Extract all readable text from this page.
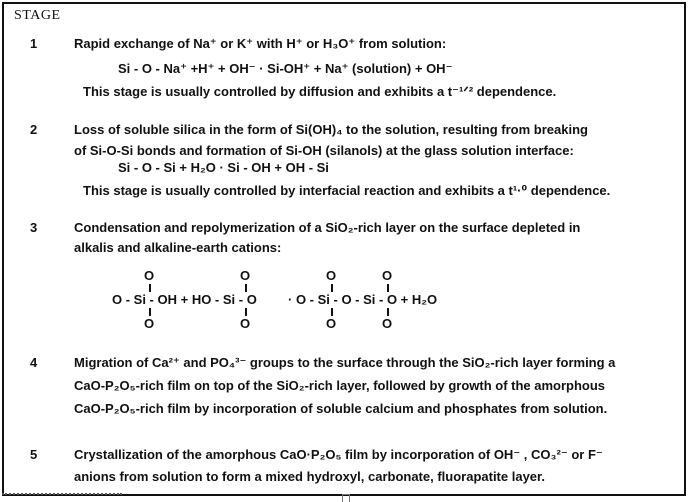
STAGE
1	Rapid exchange of Na⁺ or K⁺ with H⁺ or H₃O⁺ from solution:
Si - O - Na⁺ +H⁺ + OH⁻ · Si-OH⁺ + Na⁺ (solution) + OH⁻
This stage is usually controlled by diffusion and exhibits a t⁻¹ᐟ² dependence.
2	Loss of soluble silica in the form of Si(OH)₄ to the solution, resulting from breaking
of Si-O-Si bonds and formation of Si-OH (silanols) at the glass solution interface:
Si - O - Si + H₂O · Si - OH + OH - Si
This stage is usually controlled by interfacial reaction and exhibits a t¹·⁰ dependence.
3	Condensation and repolymerization of a SiO₂-rich layer on the surface depleted in
alkalis and alkaline-earth cations:
O	O	O	O
O - Si - OH + HO - Si - O · O - Si - O - Si - O + H₂O
O	O	O	O
4	Migration of Ca²⁺ and PO₄³⁻ groups to the surface through the SiO₂-rich layer forming a
CaO-P₂O₅-rich film on top of the SiO₂-rich layer, followed by growth of the amorphous
CaO-P₂O₅-rich film by incorporation of soluble calcium and phosphates from solution.
5	Crystallization of the amorphous CaO·P₂O₅ film by incorporation of OH⁻ , CO₃²⁻ or F⁻
anions from solution to form a mixed hydroxyl, carbonate, fluorapatite layer.
